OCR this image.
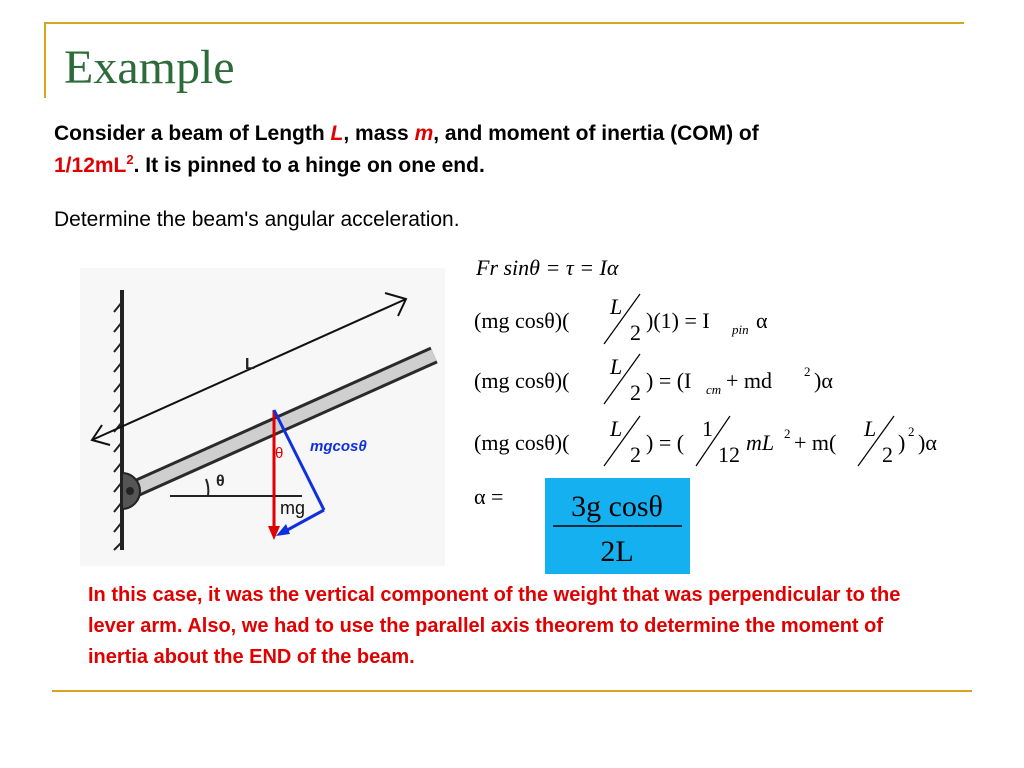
Example

Consider a beam of Length L, mass m, and moment of inertia (COM) of
$1/12mL^2$. It is pinned to a hinge on one end.

Determine the beam's angular acceleration.

L
θ
θ mgcosθ
mg
Fr sinθ = τ = Iα
(mg cosθ)(
L
2 )(1) = I pin α
(mg cosθ)(
L
2 ) = (I cm + md 2 )α
(mg cosθ)(
L
2 ) = (
1
12 mL 2 + m(
L
2 ) 2 )α
α = 3g cosθ
2L

In this case, it was the vertical component of the weight that was perpendicular to the lever arm. Also, we had to use the parallel axis theorem to determine the moment of inertia about the END of the beam.
